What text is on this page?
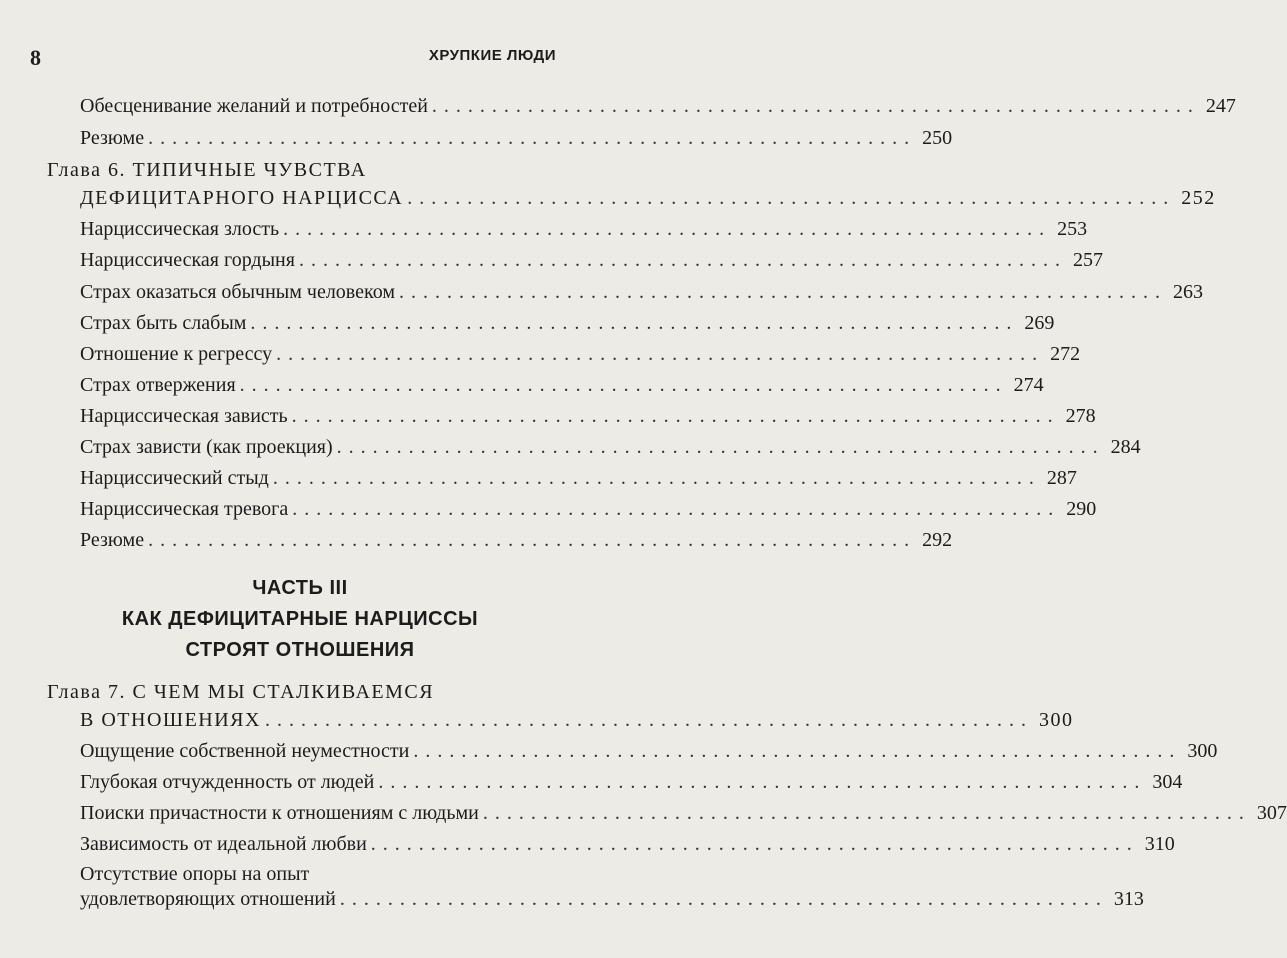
8	ХРУПКИЕ ЛЮДИ
Обесценивание желаний и потребностей ................................................................ 247
Резюме ................................................................ 250
Глава 6. ТИПИЧНЫЕ ЧУВСТВА
ДЕФИЦИТАРНОГО НАРЦИССА ................................................................ 252
Нарциссическая злость ................................................................ 253
Нарциссическая гордыня ................................................................ 257
Страх оказаться обычным человеком ................................................................ 263
Страх быть слабым ................................................................ 269
Отношение к регрессу ................................................................ 272
Страх отвержения ................................................................ 274
Нарциссическая зависть ................................................................ 278
Страх зависти (как проекция) ................................................................ 284
Нарциссический стыд ................................................................ 287
Нарциссическая тревога ................................................................ 290
Резюме ................................................................ 292
ЧАСТЬ III
КАК ДЕФИЦИТАРНЫЕ НАРЦИССЫ
СТРОЯТ ОТНОШЕНИЯ
Глава 7. С ЧЕМ МЫ СТАЛКИВАЕМСЯ
В ОТНОШЕНИЯХ ................................................................ 300
Ощущение собственной неуместности ................................................................ 300
Глубокая отчужденность от людей ................................................................ 304
Поиски причастности к отношениям с людьми ................................................................ 307
Зависимость от идеальной любви ................................................................ 310
Отсутствие опоры на опыт
удовлетворяющих отношений ................................................................ 313
